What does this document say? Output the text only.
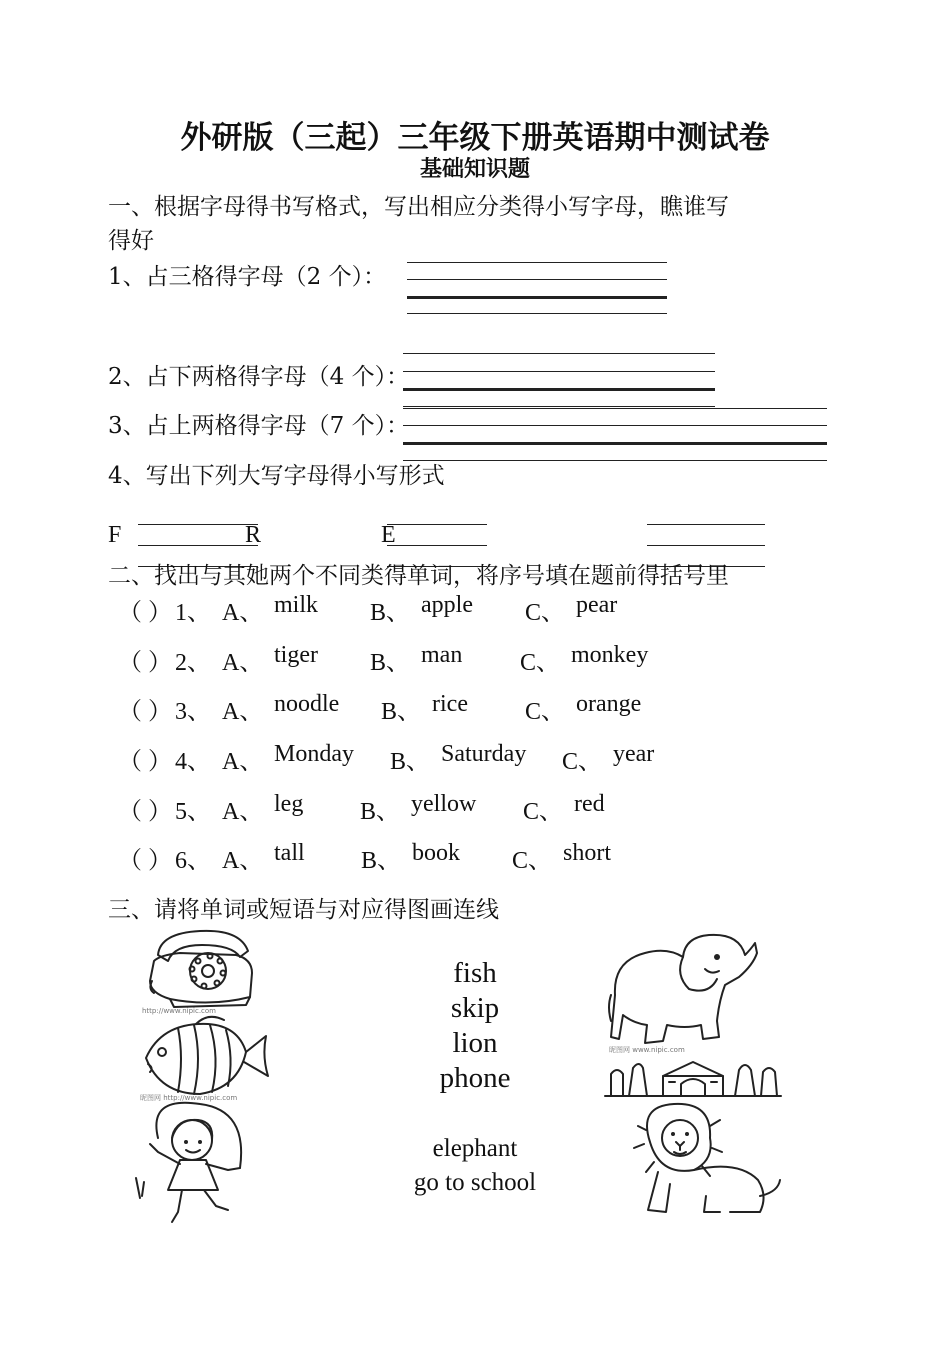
外研版（三起）三年级下册英语期中测试卷
基础知识题
一、根据字母得书写格式，写出相应分类得小写字母，瞧谁写
得好
1、占三格得字母（2 个）：
2、占下两格得字母（4 个）：
3、占上两格得字母（7 个）：
4、写出下列大写字母得小写形式
F	R	E
二、找出与其她两个不同类得单词，将序号填在题前得括号里
（ ） 1、 A、 milk B、 apple C、 pear
（ ） 2、 A、 tiger B、 man C、 monkey
（ ） 3、 A、 noodle B、 rice C、 orange
（ ） 4、 A、 Monday B、 Saturday C、 year
（ ） 5、 A、 leg B、 yellow C、 red
（ ） 6、 A、 tall B、 book C、 short
三、请将单词或短语与对应得图画连线
fish
skip
lion
phone
elephant
go to school
http://www.nipic.com
昵图网 http://www.nipic.com
昵图网 www.nipic.com
